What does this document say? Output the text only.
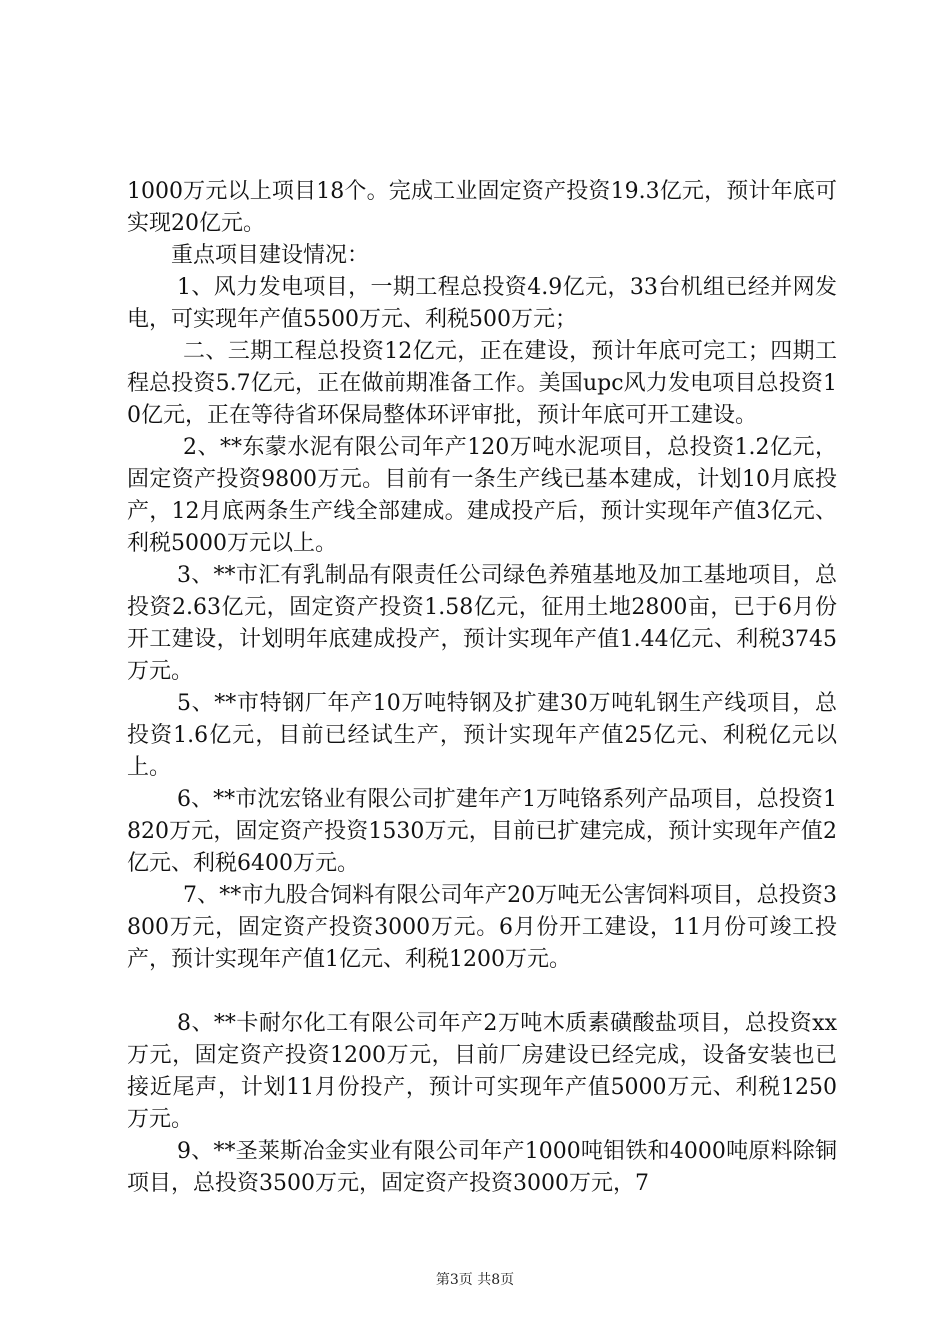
1000万元以上项目18个。完成工业固定资产投资19.3亿元，预计年底可实现20亿元。

重点项目建设情况：

1、风力发电项目，一期工程总投资4.9亿元，33台机组已经并网发电，可实现年产值5500万元、利税500万元；

二、三期工程总投资12亿元，正在建设，预计年底可完工；四期工程总投资5.7亿元，正在做前期准备工作。美国upc风力发电项目总投资10亿元，正在等待省环保局整体环评审批，预计年底可开工建设。

2、**东蒙水泥有限公司年产120万吨水泥项目，总投资1.2亿元，固定资产投资9800万元。目前有一条生产线已基本建成，计划10月底投产，12月底两条生产线全部建成。建成投产后，预计实现年产值3亿元、利税5000万元以上。

3、**市汇有乳制品有限责任公司绿色养殖基地及加工基地项目，总投资2.63亿元，固定资产投资1.58亿元，征用土地2800亩，已于6月份开工建设，计划明年底建成投产，预计实现年产值1.44亿元、利税3745万元。

5、**市特钢厂年产10万吨特钢及扩建30万吨轧钢生产线项目，总投资1.6亿元，目前已经试生产，预计实现年产值25亿元、利税亿元以上。

6、**市沈宏铬业有限公司扩建年产1万吨铬系列产品项目，总投资1820万元，固定资产投资1530万元，目前已扩建完成，预计实现年产值2亿元、利税6400万元。

7、**市九股合饲料有限公司年产20万吨无公害饲料项目，总投资3800万元，固定资产投资3000万元。6月份开工建设，11月份可竣工投产，预计实现年产值1亿元、利税1200万元。

8、**卡耐尔化工有限公司年产2万吨木质素磺酸盐项目，总投资xx万元，固定资产投资1200万元，目前厂房建设已经完成，设备安装也已接近尾声，计划11月份投产，预计可实现年产值5000万元、利税1250万元。

9、**圣莱斯冶金实业有限公司年产1000吨钼铁和4000吨原料除铜项目，总投资3500万元，固定资产投资3000万元，7

第3页 共8页
